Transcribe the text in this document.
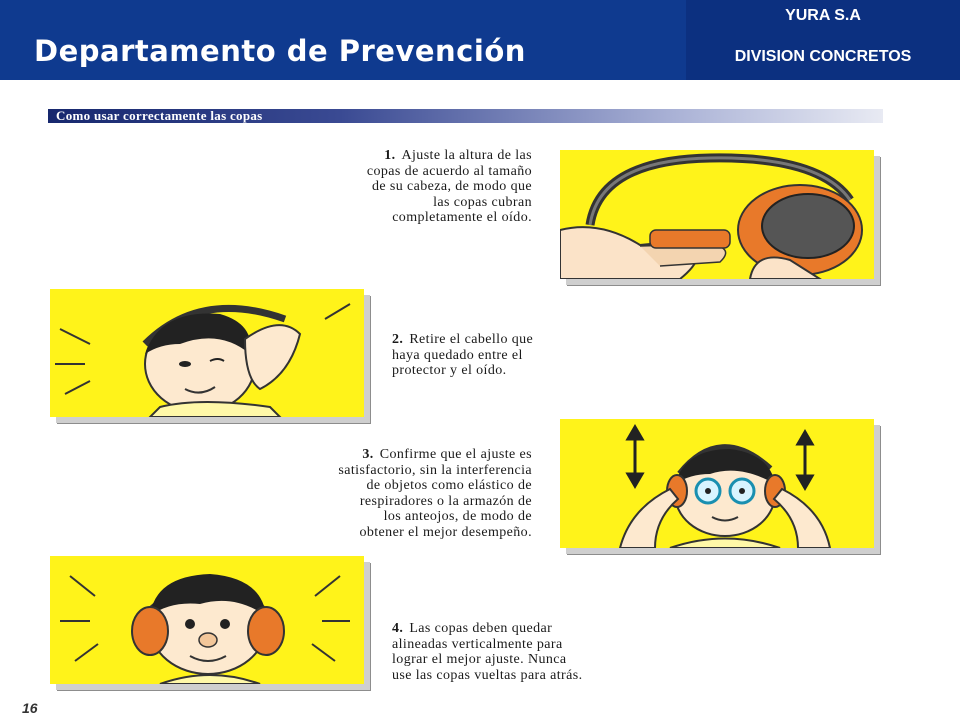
Departamento de Prevención
YURA S.A
DIVISION CONCRETOS
Como usar correctamente las copas
1. Ajuste la altura de las
copas de acuerdo al tamaño
de su cabeza, de modo que
las copas cubran
completamente el oído.
2. Retire el cabello que
haya quedado entre el
protector y el oído.
3. Confirme que el ajuste es
satisfactorio, sin la interferencia
de objetos como elástico de
respiradores o la armazón de
los anteojos, de modo de
obtener el mejor desempeño.
4. Las copas deben quedar
alineadas verticalmente para
lograr el mejor ajuste. Nunca
use las copas vueltas para atrás.
16
